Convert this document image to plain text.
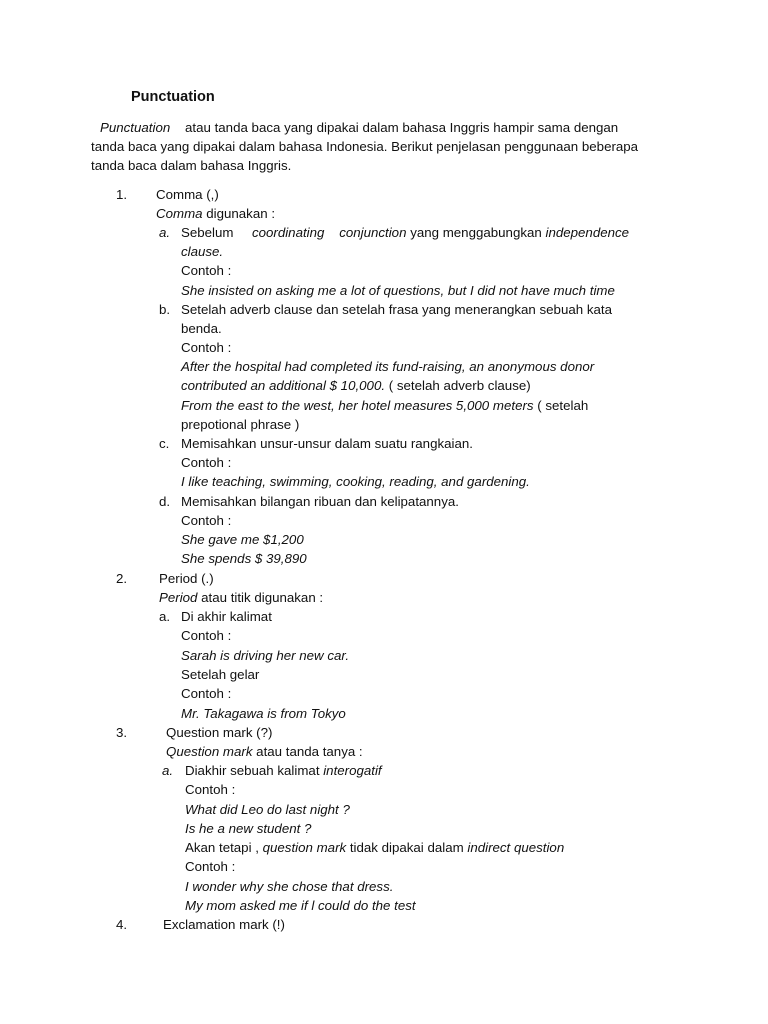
Punctuation
Punctuation atau tanda baca yang dipakai dalam bahasa Inggris hampir sama dengan
tanda baca yang dipakai dalam bahasa Indonesia. Berikut penjelasan penggunaan beberapa
tanda baca dalam bahasa Inggris.
1. Comma (,)
Comma digunakan :
a. Sebelum coordinating conjunction yang menggabungkan independence
clause.
Contoh :
She insisted on asking me a lot of questions, but I did not have much time
b. Setelah adverb clause dan setelah frasa yang menerangkan sebuah kata
benda.
Contoh :
After the hospital had completed its fund-raising, an anonymous donor
contributed an additional $ 10,000. ( setelah adverb clause)
From the east to the west, her hotel measures 5,000 meters ( setelah
prepotional phrase )
c. Memisahkan unsur-unsur dalam suatu rangkaian.
Contoh :
I like teaching, swimming, cooking, reading, and gardening.
d. Memisahkan bilangan ribuan dan kelipatannya.
Contoh :
She gave me $1,200
She spends $ 39,890
2. Period (.)
Period atau titik digunakan :
a. Di akhir kalimat
Contoh :
Sarah is driving her new car.
Setelah gelar
Contoh :
Mr. Takagawa is from Tokyo
3.	Question mark (?)
Question mark atau tanda tanya :
a. Diakhir sebuah kalimat interogatif
Contoh :
What did Leo do last night ?
Is he a new student ?
Akan tetapi , question mark tidak dipakai dalam indirect question
Contoh :
I wonder why she chose that dress.
My mom asked me if l could do the test
4.	Exclamation mark (!)
